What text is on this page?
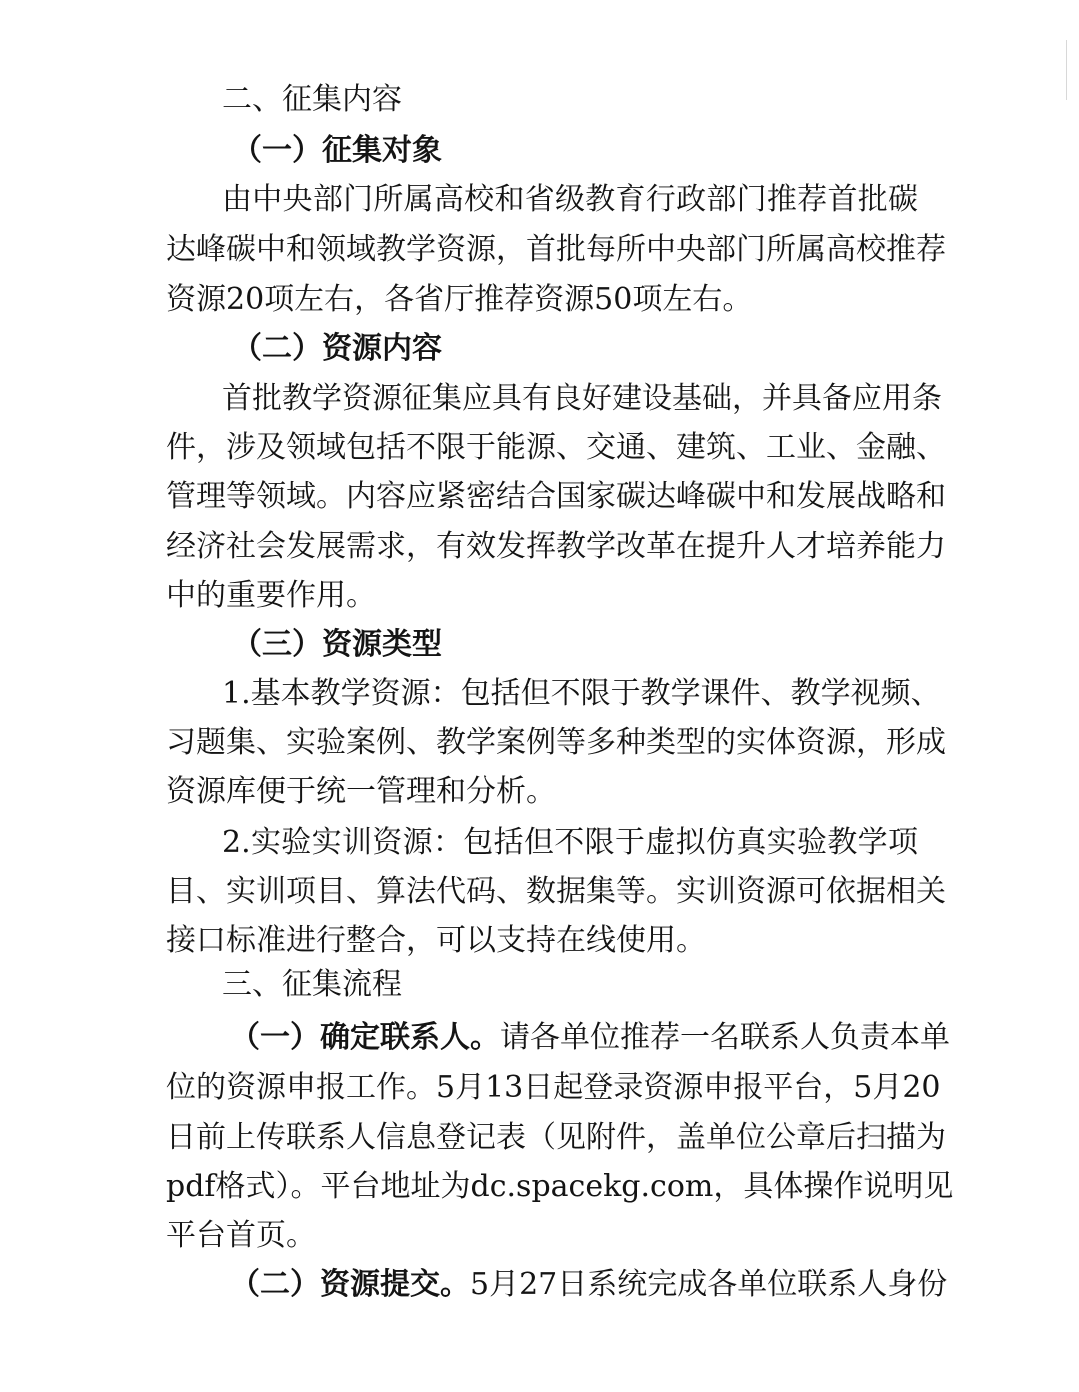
二、征集内容
（一）征集对象
由中央部门所属高校和省级教育行政部门推荐首批碳
达峰碳中和领域教学资源，首批每所中央部门所属高校推荐
资源20项左右，各省厅推荐资源50项左右。
（二）资源内容
首批教学资源征集应具有良好建设基础，并具备应用条
件，涉及领域包括不限于能源、交通、建筑、工业、金融、
管理等领域。内容应紧密结合国家碳达峰碳中和发展战略和
经济社会发展需求，有效发挥教学改革在提升人才培养能力
中的重要作用。
（三）资源类型
1.基本教学资源：包括但不限于教学课件、教学视频、
习题集、实验案例、教学案例等多种类型的实体资源，形成
资源库便于统一管理和分析。
2.实验实训资源：包括但不限于虚拟仿真实验教学项
目、实训项目、算法代码、数据集等。实训资源可依据相关
接口标准进行整合，可以支持在线使用。
三、征集流程
（一）确定联系人。请各单位推荐一名联系人负责本单
位的资源申报工作。5月13日起登录资源申报平台，5月20
日前上传联系人信息登记表（见附件，盖单位公章后扫描为
pdf格式）。平台地址为dc.spacekg.com，具体操作说明见
平台首页。
（二）资源提交。5月27日系统完成各单位联系人身份
